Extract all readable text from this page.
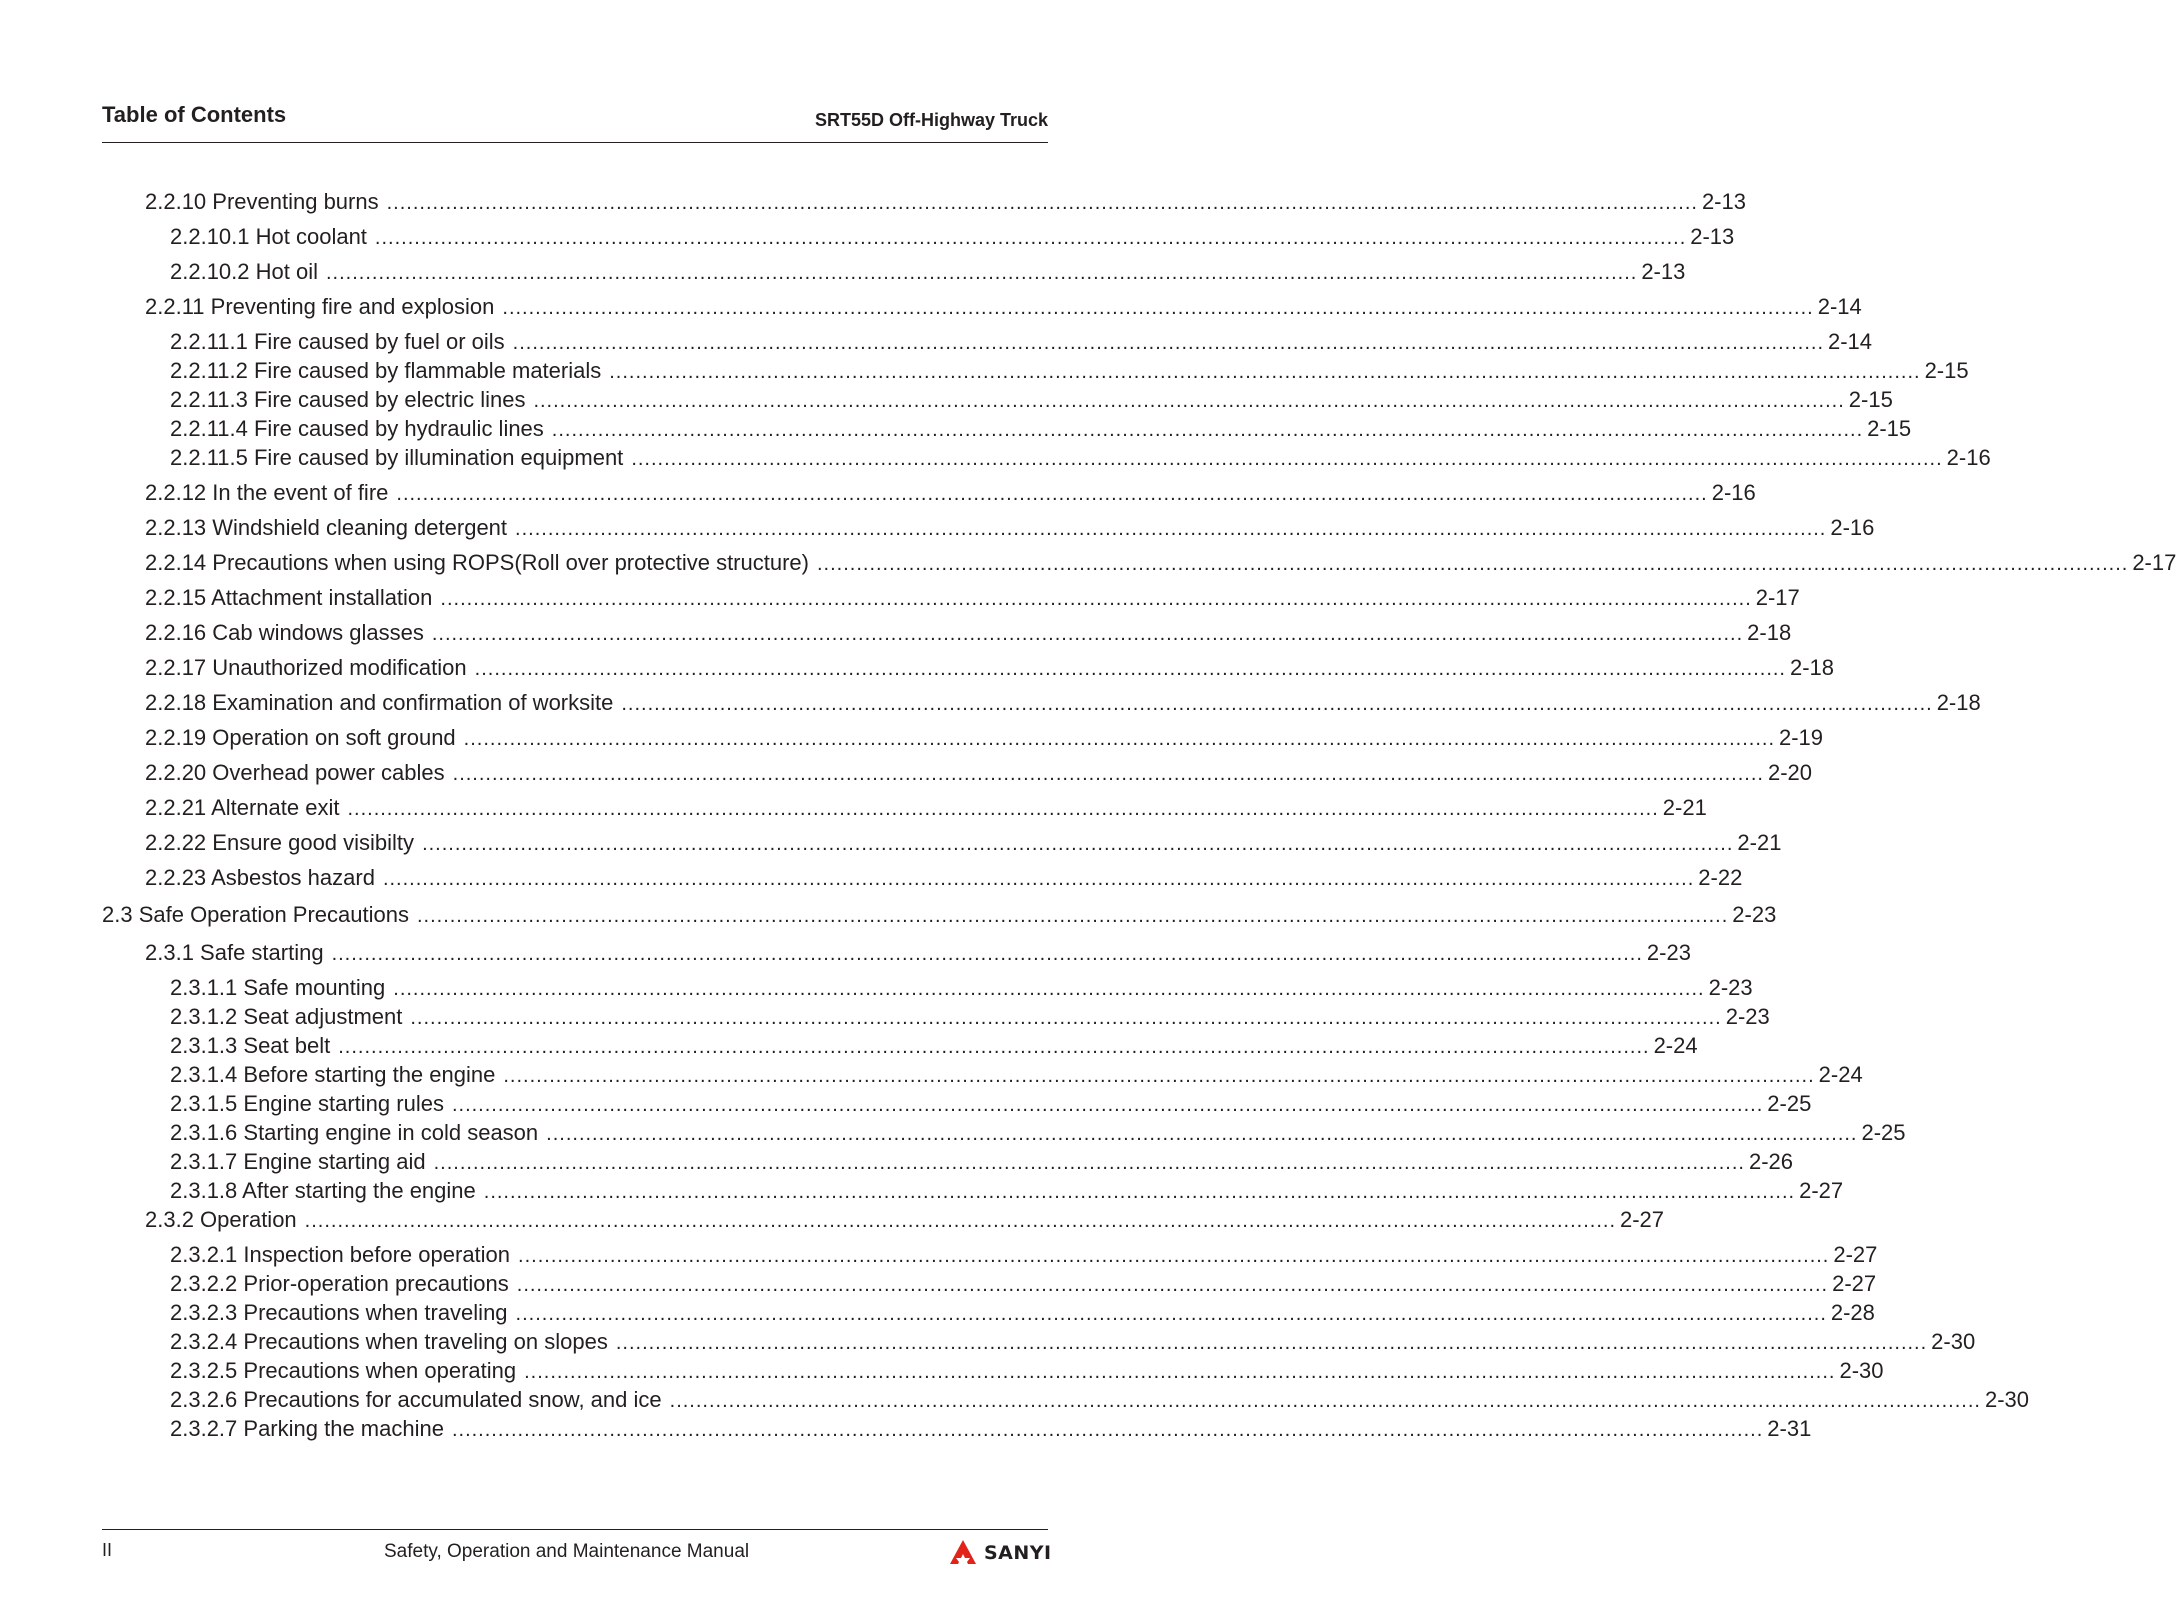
Table of Contents	SRT55D Off-Highway Truck
2.2.10 Preventing burns ........................................................................................................................................................................................................ 2-13
2.2.10.1 Hot coolant ........................................................................................................................................................................................................ 2-13
2.2.10.2 Hot oil ........................................................................................................................................................................................................ 2-13
2.2.11 Preventing fire and explosion ........................................................................................................................................................................................................ 2-14
2.2.11.1 Fire caused by fuel or oils ........................................................................................................................................................................................................ 2-14
2.2.11.2 Fire caused by flammable materials ........................................................................................................................................................................................................ 2-15
2.2.11.3 Fire caused by electric lines ........................................................................................................................................................................................................ 2-15
2.2.11.4 Fire caused by hydraulic lines ........................................................................................................................................................................................................ 2-15
2.2.11.5 Fire caused by illumination equipment ........................................................................................................................................................................................................ 2-16
2.2.12 In the event of fire ........................................................................................................................................................................................................ 2-16
2.2.13 Windshield cleaning detergent ........................................................................................................................................................................................................ 2-16
2.2.14 Precautions when using ROPS(Roll over protective structure) ........................................................................................................................................................................................................ 2-17
2.2.15 Attachment installation ........................................................................................................................................................................................................ 2-17
2.2.16 Cab windows glasses ........................................................................................................................................................................................................ 2-18
2.2.17 Unauthorized modification ........................................................................................................................................................................................................ 2-18
2.2.18 Examination and confirmation of worksite ........................................................................................................................................................................................................ 2-18
2.2.19 Operation on soft ground ........................................................................................................................................................................................................ 2-19
2.2.20 Overhead power cables ........................................................................................................................................................................................................ 2-20
2.2.21 Alternate exit ........................................................................................................................................................................................................ 2-21
2.2.22 Ensure good visibilty ........................................................................................................................................................................................................ 2-21
2.2.23 Asbestos hazard ........................................................................................................................................................................................................ 2-22
2.3 Safe Operation Precautions ........................................................................................................................................................................................................ 2-23
2.3.1 Safe starting ........................................................................................................................................................................................................ 2-23
2.3.1.1 Safe mounting ........................................................................................................................................................................................................ 2-23
2.3.1.2 Seat adjustment ........................................................................................................................................................................................................ 2-23
2.3.1.3 Seat belt ........................................................................................................................................................................................................ 2-24
2.3.1.4 Before starting the engine ........................................................................................................................................................................................................ 2-24
2.3.1.5 Engine starting rules ........................................................................................................................................................................................................ 2-25
2.3.1.6 Starting engine in cold season ........................................................................................................................................................................................................ 2-25
2.3.1.7 Engine starting aid ........................................................................................................................................................................................................ 2-26
2.3.1.8 After starting the engine ........................................................................................................................................................................................................ 2-27
2.3.2 Operation ........................................................................................................................................................................................................ 2-27
2.3.2.1 Inspection before operation ........................................................................................................................................................................................................ 2-27
2.3.2.2 Prior-operation precautions ........................................................................................................................................................................................................ 2-27
2.3.2.3 Precautions when traveling ........................................................................................................................................................................................................ 2-28
2.3.2.4 Precautions when traveling on slopes ........................................................................................................................................................................................................ 2-30
2.3.2.5 Precautions when operating ........................................................................................................................................................................................................ 2-30
2.3.2.6 Precautions for accumulated snow, and ice ........................................................................................................................................................................................................ 2-30
2.3.2.7 Parking the machine ........................................................................................................................................................................................................ 2-31
II	Safety, Operation and Maintenance Manual	SANYI
